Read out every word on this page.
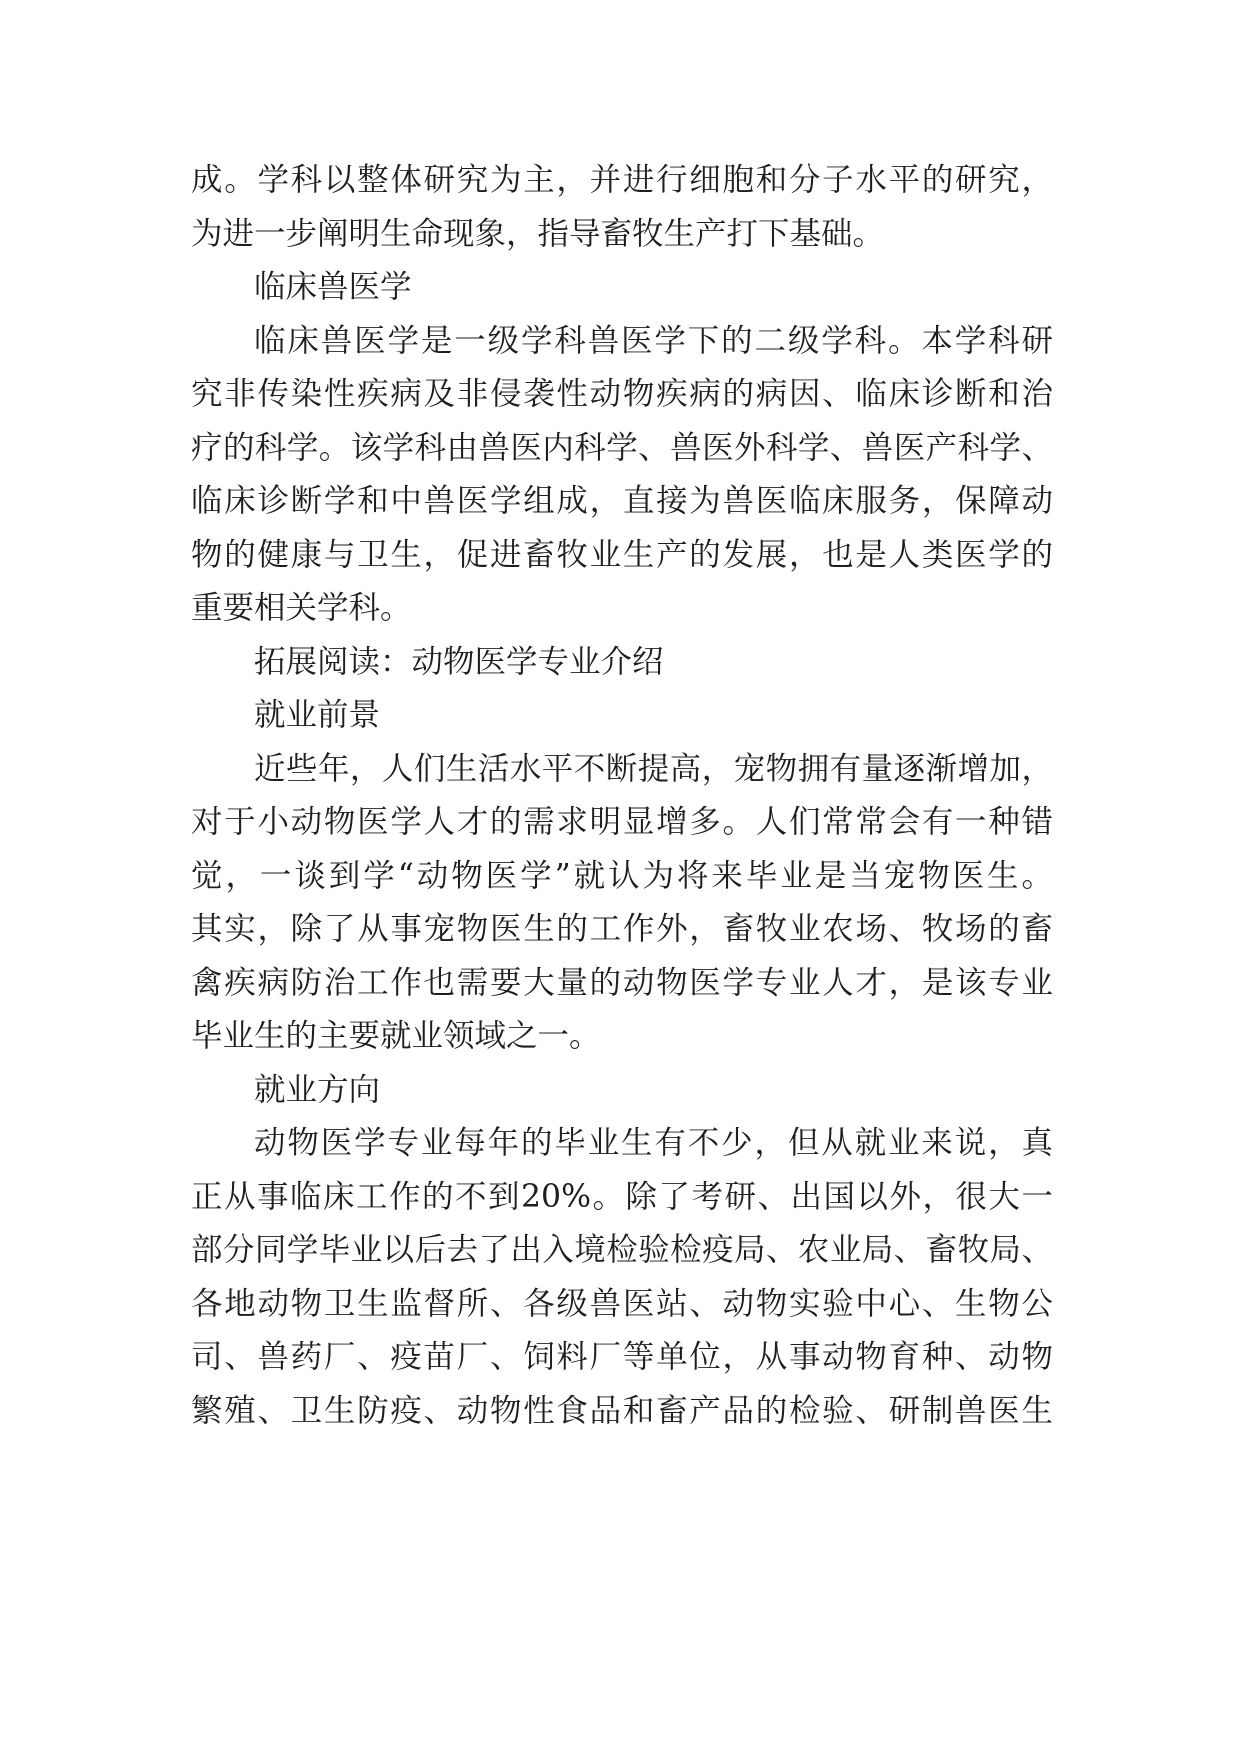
成。学科以整体研究为主，并进行细胞和分子水平的研究，
为进一步阐明生命现象，指导畜牧生产打下基础。
临床兽医学
临床兽医学是一级学科兽医学下的二级学科。本学科研
究非传染性疾病及非侵袭性动物疾病的病因、临床诊断和治
疗的科学。该学科由兽医内科学、兽医外科学、兽医产科学、
临床诊断学和中兽医学组成，直接为兽医临床服务，保障动
物的健康与卫生，促进畜牧业生产的发展，也是人类医学的
重要相关学科。
拓展阅读：动物医学专业介绍
就业前景
近些年，人们生活水平不断提高，宠物拥有量逐渐增加，
对于小动物医学人才的需求明显增多。人们常常会有一种错
觉，一谈到学“动物医学”就认为将来毕业是当宠物医生。
其实，除了从事宠物医生的工作外，畜牧业农场、牧场的畜
禽疾病防治工作也需要大量的动物医学专业人才，是该专业
毕业生的主要就业领域之一。
就业方向
动物医学专业每年的毕业生有不少，但从就业来说，真
正从事临床工作的不到20%。除了考研、出国以外，很大一
部分同学毕业以后去了出入境检验检疫局、农业局、畜牧局、
各地动物卫生监督所、各级兽医站、动物实验中心、生物公
司、兽药厂、疫苗厂、饲料厂等单位，从事动物育种、动物
繁殖、卫生防疫、动物性食品和畜产品的检验、研制兽医生
